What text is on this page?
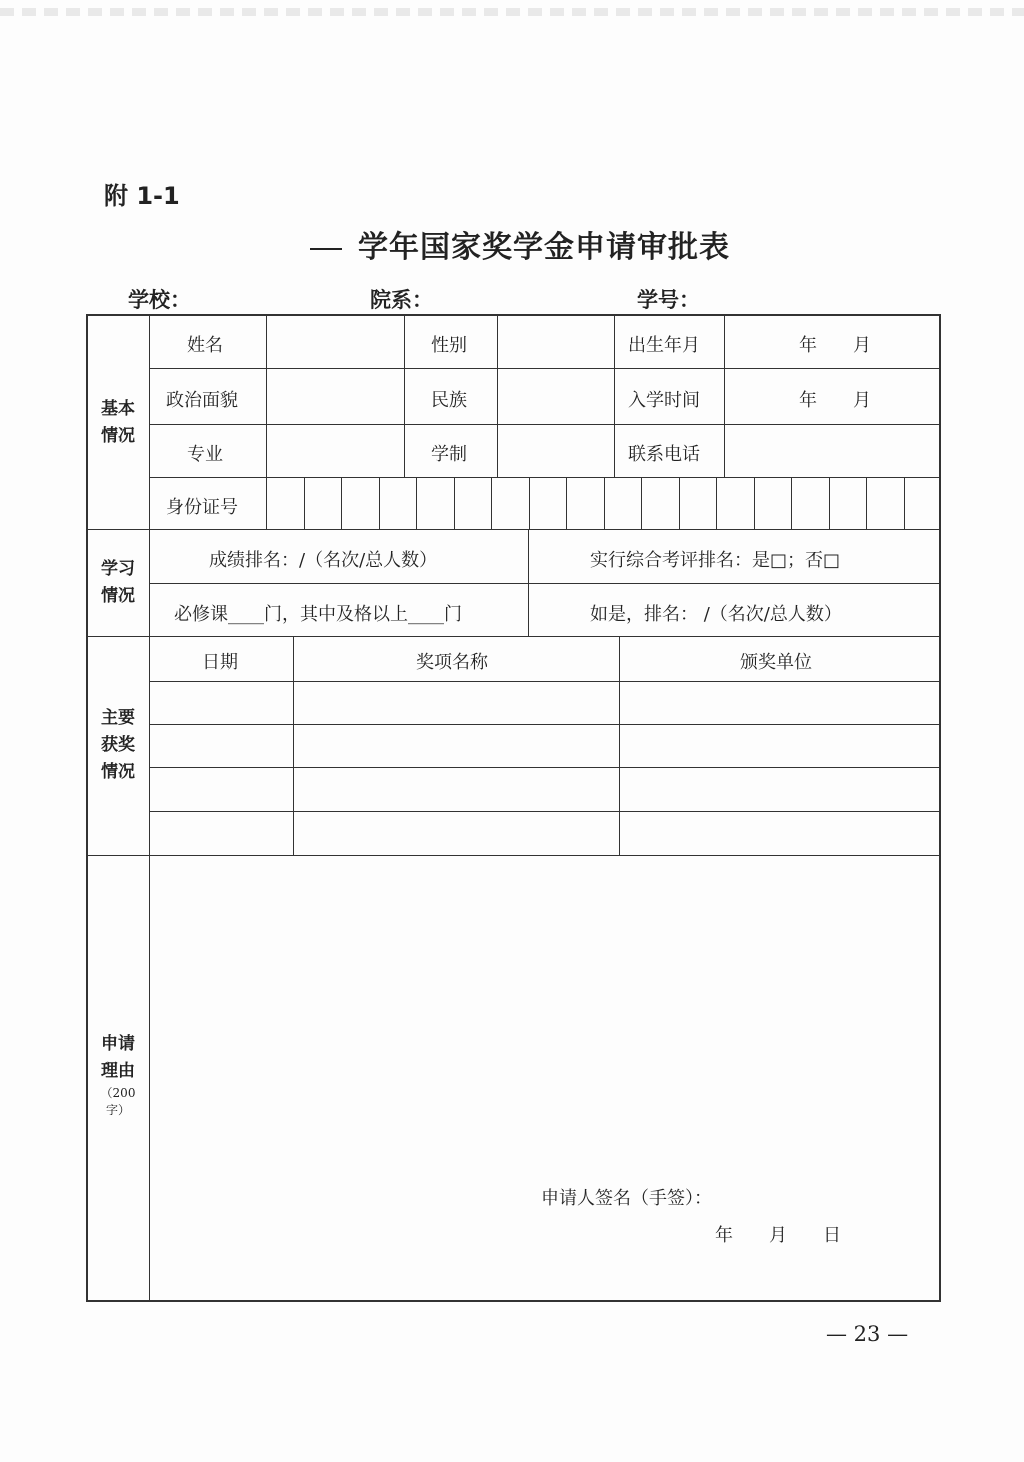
附 1-1
学年国家奖学金申请审批表
学校：	院系：	学号：
姓名	性别	出生年月	年　　月
政治面貌	民族	入学时间	年　　月
专业	学制	联系电话
身份证号
基本
情况
成绩排名：/（名次/总人数）	实行综合考评排名：是□；否□
必修课____门，其中及格以上____门	如是，排名： /（名次/总人数）
学习
情况
日期	奖项名称	颁奖单位
主要
获奖
情况
申请
理由
（200
字）
申请人签名（手签）：
年　　月　　日
— 23 —
